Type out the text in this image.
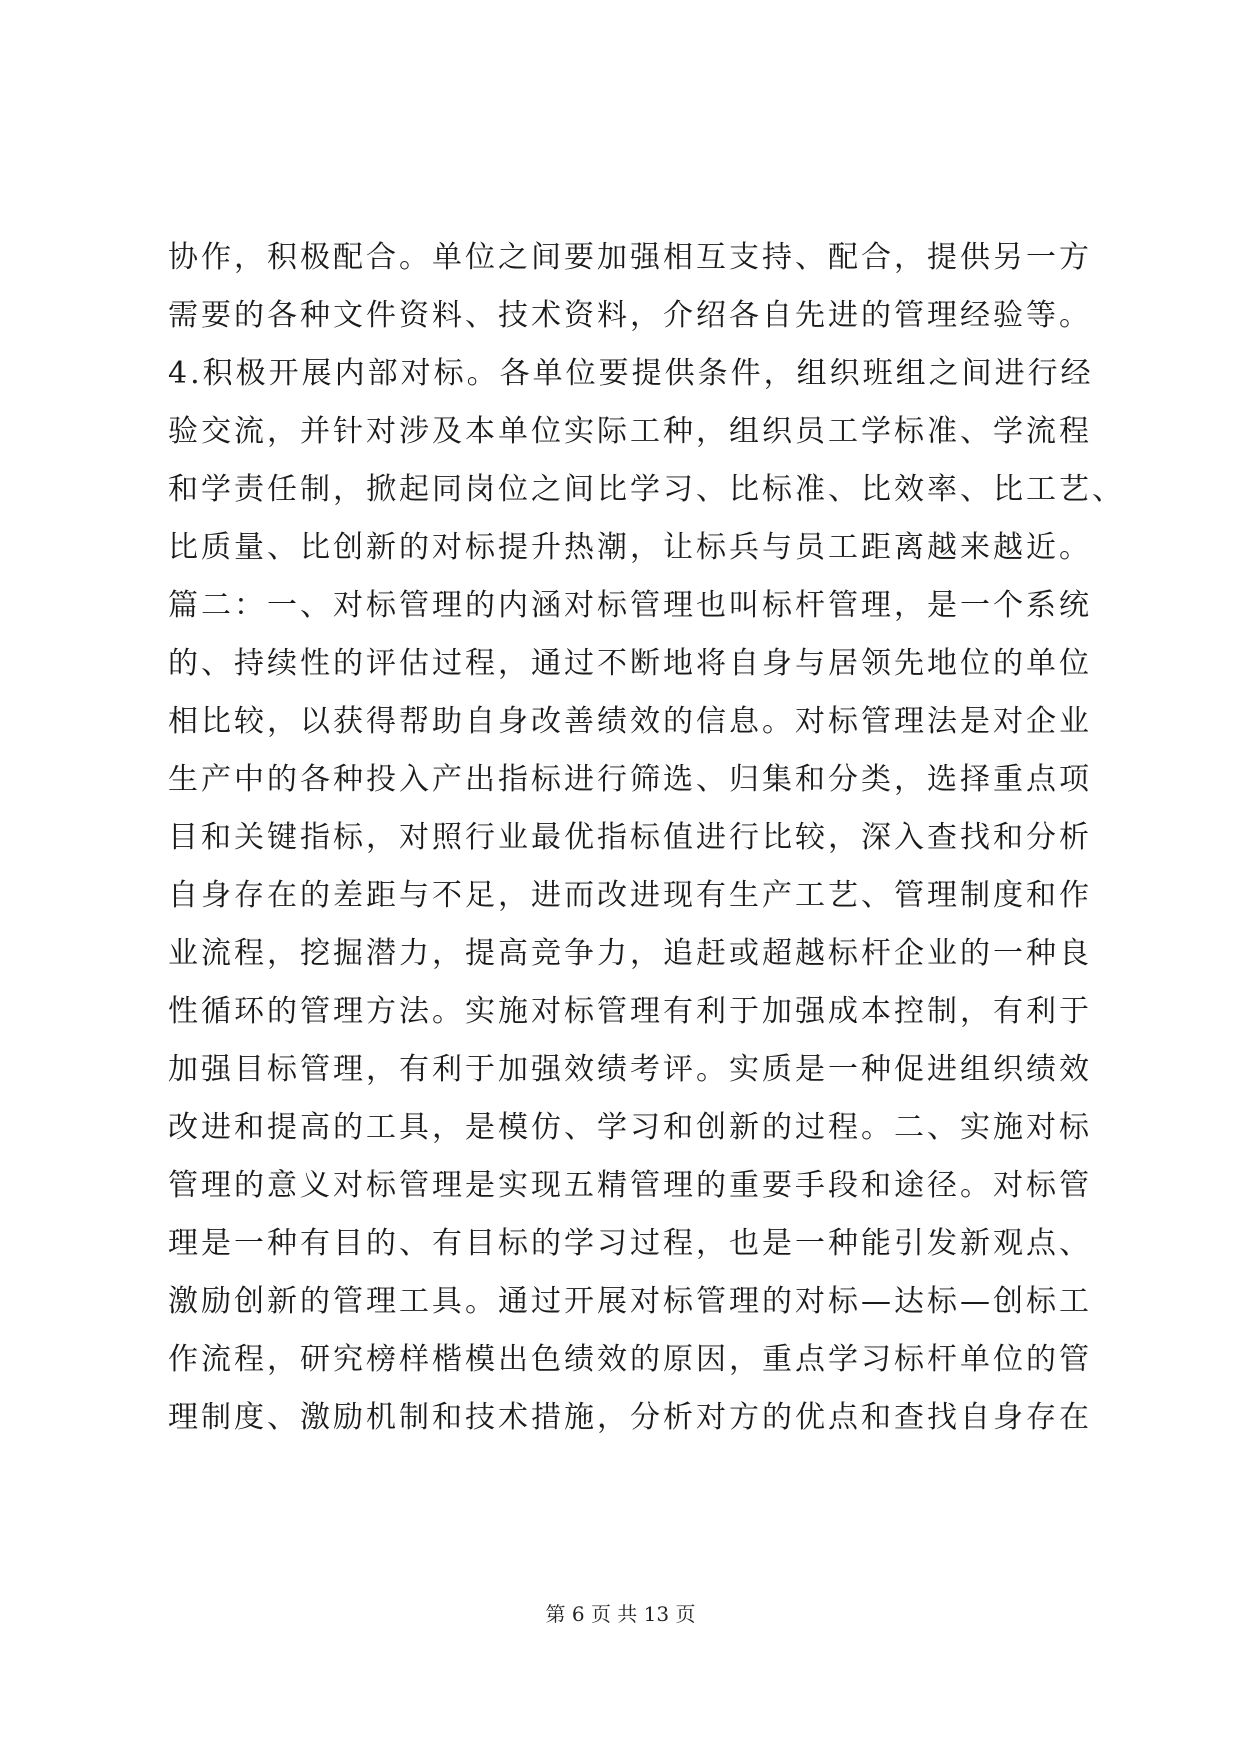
协作，积极配合。单位之间要加强相互支持、配合，提供另一方
需要的各种文件资料、技术资料，介绍各自先进的管理经验等。
4.积极开展内部对标。各单位要提供条件，组织班组之间进行经
验交流，并针对涉及本单位实际工种，组织员工学标准、学流程
和学责任制，掀起同岗位之间比学习、比标准、比效率、比工艺、
比质量、比创新的对标提升热潮，让标兵与员工距离越来越近。
篇二：一、对标管理的内涵对标管理也叫标杆管理，是一个系统
的、持续性的评估过程，通过不断地将自身与居领先地位的单位
相比较，以获得帮助自身改善绩效的信息。对标管理法是对企业
生产中的各种投入产出指标进行筛选、归集和分类，选择重点项
目和关键指标，对照行业最优指标值进行比较，深入查找和分析
自身存在的差距与不足，进而改进现有生产工艺、管理制度和作
业流程，挖掘潜力，提高竞争力，追赶或超越标杆企业的一种良
性循环的管理方法。实施对标管理有利于加强成本控制，有利于
加强目标管理，有利于加强效绩考评。实质是一种促进组织绩效
改进和提高的工具，是模仿、学习和创新的过程。二、实施对标
管理的意义对标管理是实现五精管理的重要手段和途径。对标管
理是一种有目的、有目标的学习过程，也是一种能引发新观点、
激励创新的管理工具。通过开展对标管理的对标—达标—创标工
作流程，研究榜样楷模出色绩效的原因，重点学习标杆单位的管
理制度、激励机制和技术措施，分析对方的优点和查找自身存在
第 6 页 共 13 页
